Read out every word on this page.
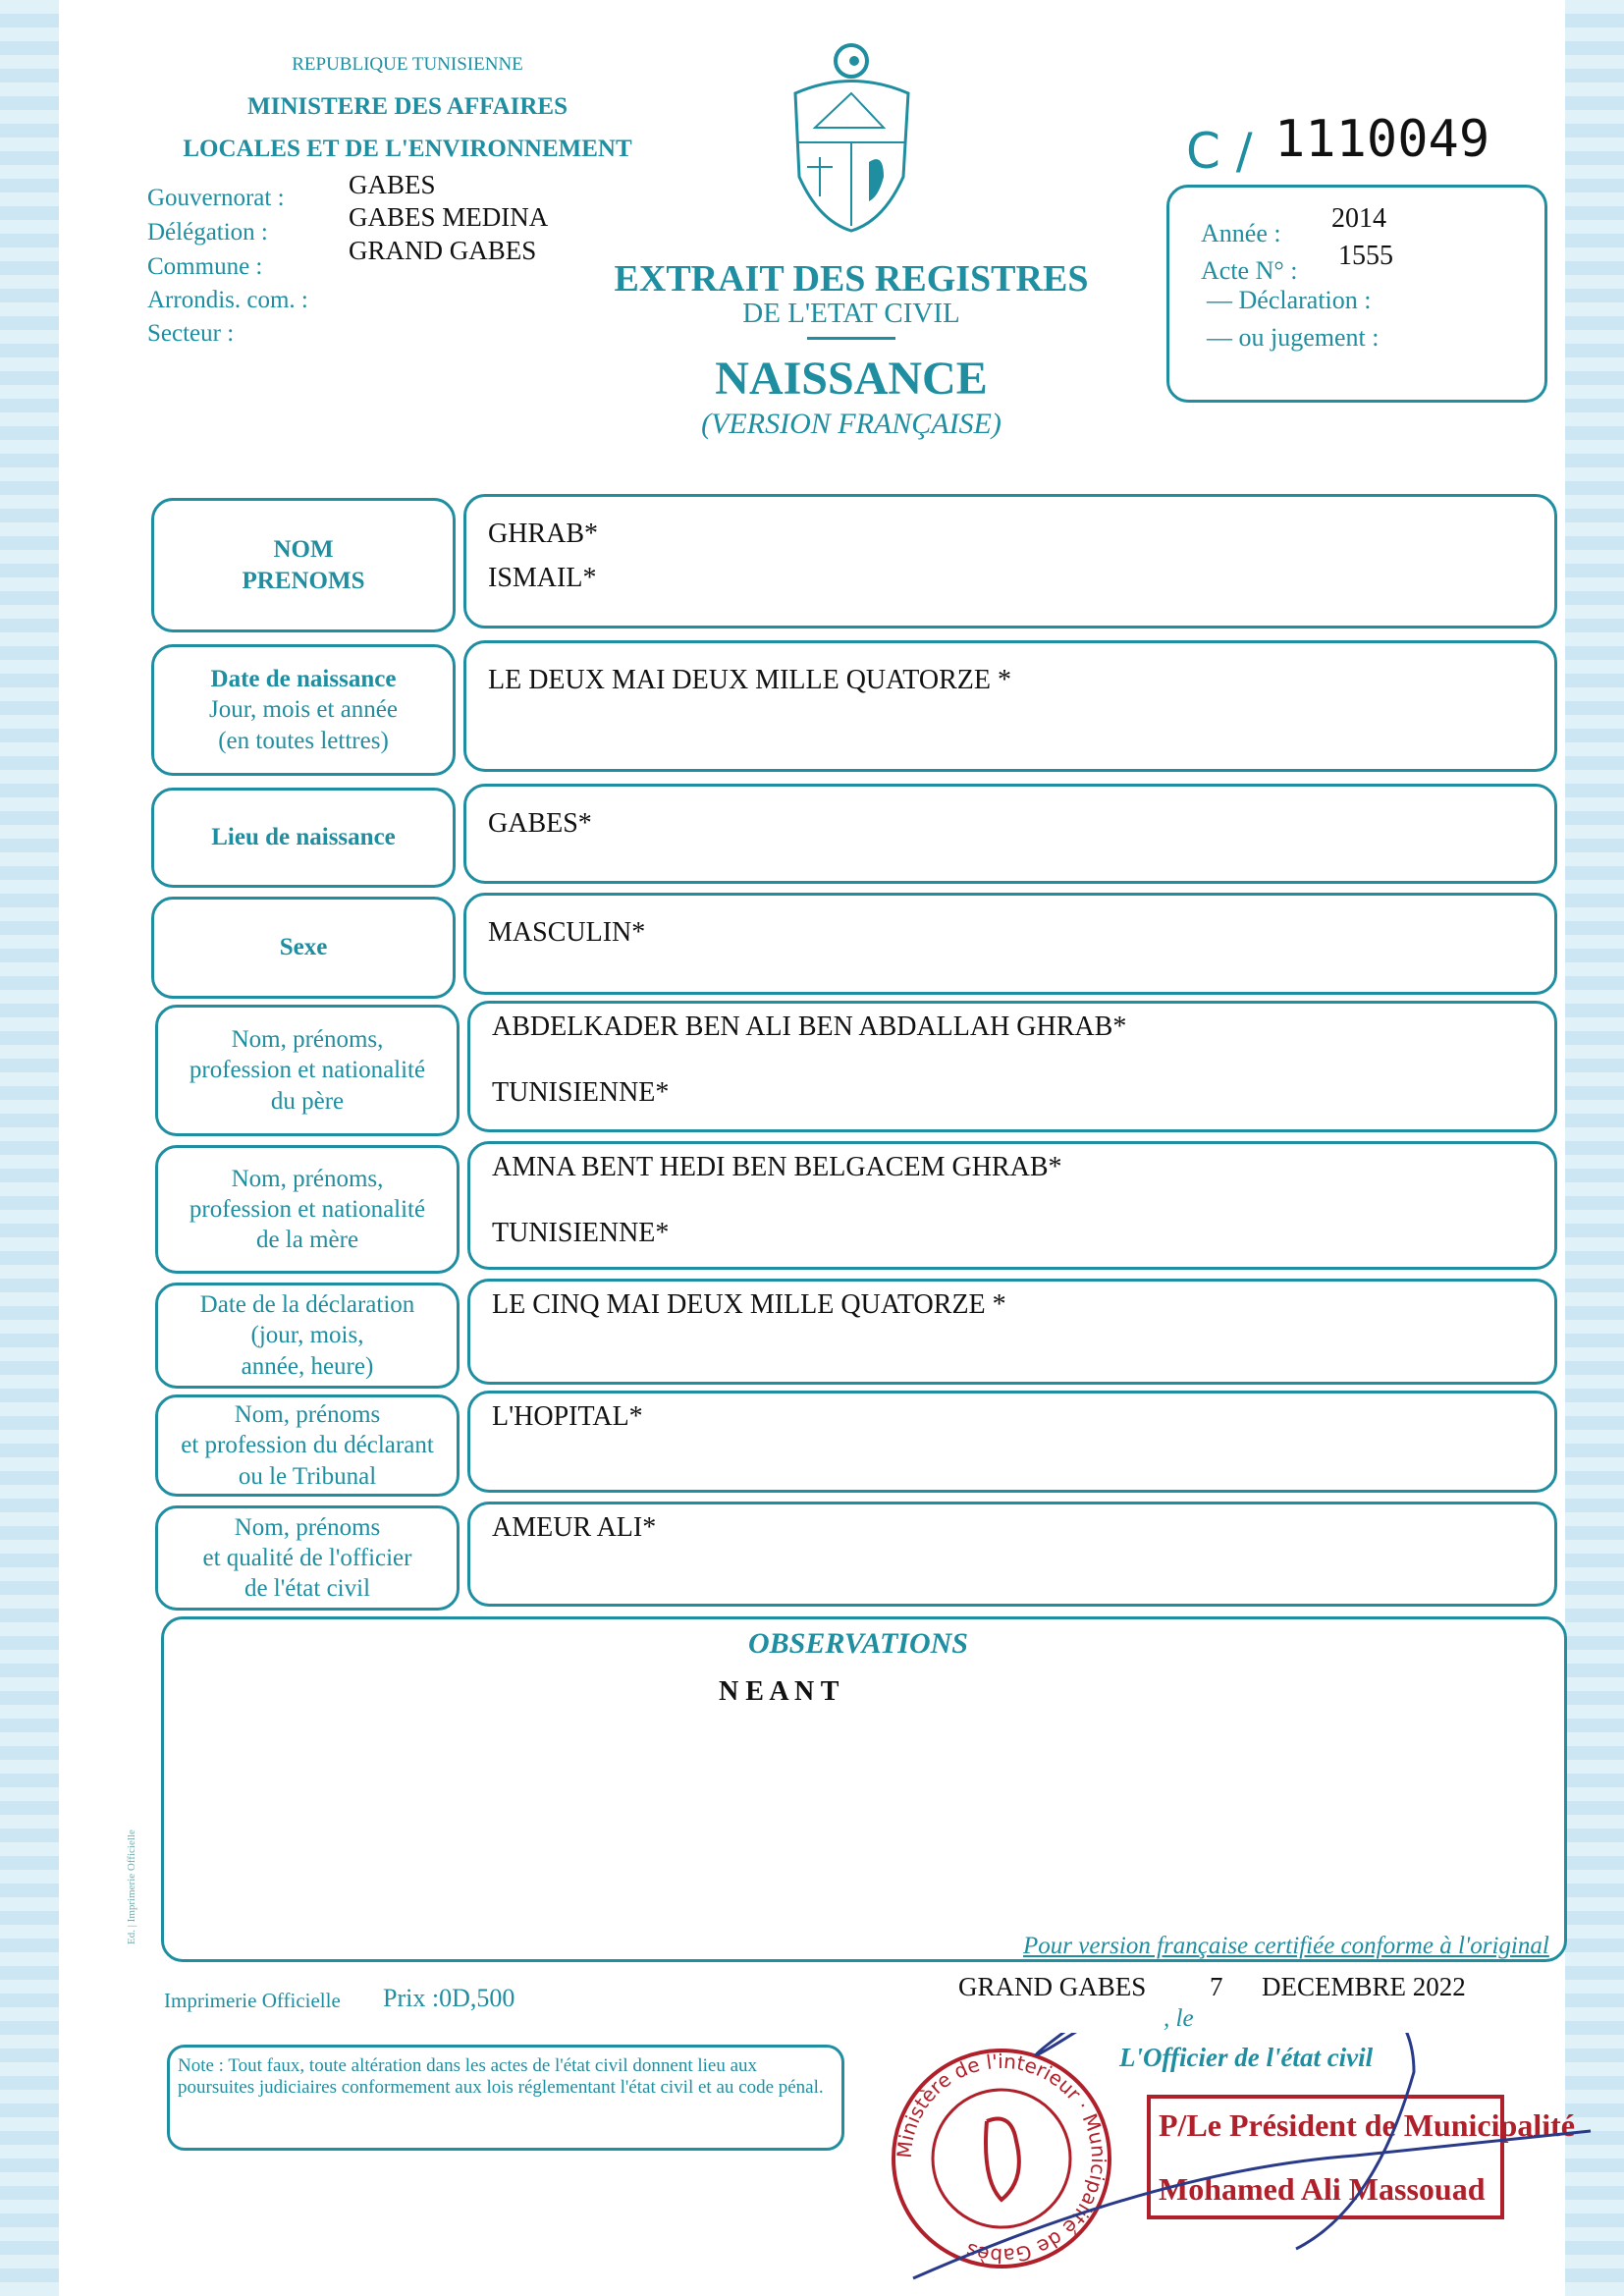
REPUBLIQUE TUNISIENNE
MINISTERE DES AFFAIRES
LOCALES ET DE L'ENVIRONNEMENT
EXTRAIT DES REGISTRES
DE L'ETAT CIVIL
NAISSANCE
(VERSION FRANÇAISE)
C / 1110049
Année : 2014
Acte N° : 1555
— Déclaration :
— ou jugement :
OBSERVATIONS
N E A N T
Ed. | Imprimerie Officielle
Imprimerie Officielle Prix :0D,500
Pour version française certifiée conforme à l'original
GRAND GABES
, le
7 DECEMBRE 2022
L'Officier de l'état civil
Note : Tout faux, toute altération dans les actes de l'état civil donnent lieu aux poursuites judiciaires conformement aux lois réglementant l'état civil et au code pénal.
Ministère de l'interieur · Municipalité de Gabès
P/Le Président de Municipalité
Mohamed Ali Massouad
Gouvernorat :
Délégation :
Commune :
Arrondis. com. :
Secteur :
GABES
GABES MEDINA
GRAND GABES
NOM
PRENOMS
GHRAB*
ISMAIL*
Date de naissance
Jour, mois et année
(en toutes lettres)
LE DEUX MAI DEUX MILLE QUATORZE *
Lieu de naissance	GABES*
Sexe	MASCULIN*
Nom, prénoms,
profession et nationalité
du père
ABDELKADER BEN ALI BEN ABDALLAH GHRAB*
TUNISIENNE*
Nom, prénoms,
profession et nationalité
de la mère
AMNA BENT HEDI BEN BELGACEM GHRAB*
TUNISIENNE*
Date de la déclaration
(jour, mois,
année, heure)
LE CINQ MAI DEUX MILLE QUATORZE *
Nom, prénoms
et profession du déclarant
ou le Tribunal
L'HOPITAL*
Nom, prénoms
et qualité de l'officier
de l'état civil
AMEUR ALI*
